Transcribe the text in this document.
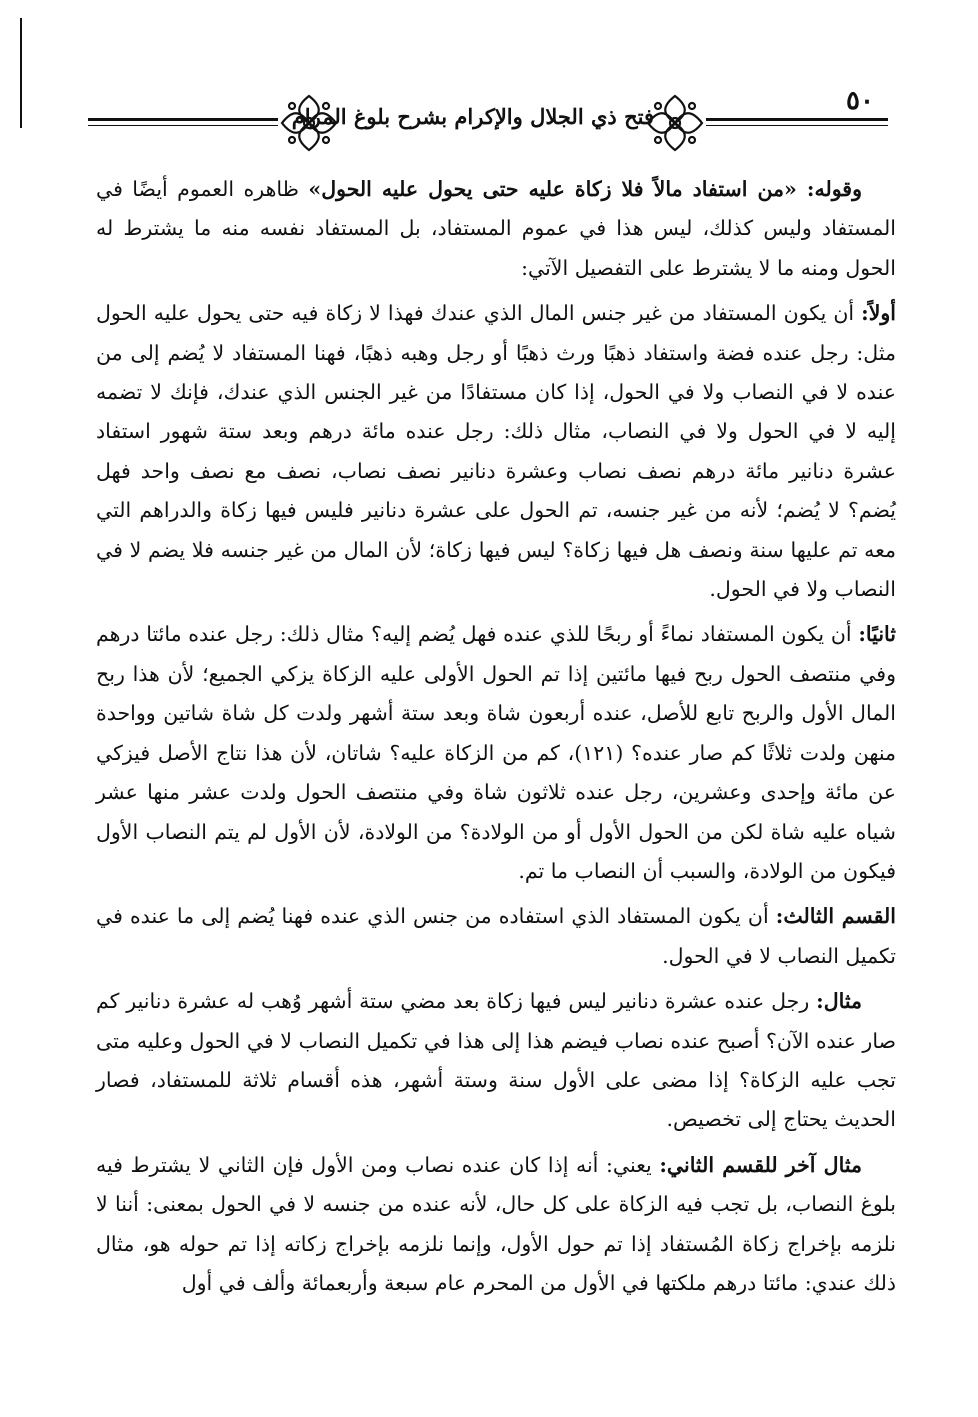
فتح ذي الجلال والإكرام بشرح بلوغ المرام
٥٠

وقوله: «من استفاد مالاً فلا زكاة عليه حتى يحول عليه الحول» ظاهره العموم أيضًا في المستفاد وليس كذلك، ليس هذا في عموم المستفاد، بل المستفاد نفسه منه ما يشترط له الحول ومنه ما لا يشترط على التفصيل الآتي:

أولاً: أن يكون المستفاد من غير جنس المال الذي عندك فهذا لا زكاة فيه حتى يحول عليه الحول مثل: رجل عنده فضة واستفاد ذهبًا ورث ذهبًا أو رجل وهبه ذهبًا، فهنا المستفاد لا يُضم إلى من عنده لا في النصاب ولا في الحول، إذا كان مستفادًا من غير الجنس الذي عندك، فإنك لا تضمه إليه لا في الحول ولا في النصاب، مثال ذلك: رجل عنده مائة درهم وبعد ستة شهور استفاد عشرة دنانير مائة درهم نصف نصاب وعشرة دنانير نصف نصاب، نصف مع نصف واحد فهل يُضم؟ لا يُضم؛ لأنه من غير جنسه، تم الحول على عشرة دنانير فليس فيها زكاة والدراهم التي معه تم عليها سنة ونصف هل فيها زكاة؟ ليس فيها زكاة؛ لأن المال من غير جنسه فلا يضم لا في النصاب ولا في الحول.

ثانيًا: أن يكون المستفاد نماءً أو ربحًا للذي عنده فهل يُضم إليه؟ مثال ذلك: رجل عنده مائتا درهم وفي منتصف الحول ربح فيها مائتين إذا تم الحول الأولى عليه الزكاة يزكي الجميع؛ لأن هذا ربح المال الأول والربح تابع للأصل، عنده أربعون شاة وبعد ستة أشهر ولدت كل شاة شاتين وواحدة منهن ولدت ثلاثًا كم صار عنده؟ (١٢١)، كم من الزكاة عليه؟ شاتان، لأن هذا نتاج الأصل فيزكي عن مائة وإحدى وعشرين، رجل عنده ثلاثون شاة وفي منتصف الحول ولدت عشر منها عشر شياه عليه شاة لكن من الحول الأول أو من الولادة؟ من الولادة، لأن الأول لم يتم النصاب الأول فيكون من الولادة، والسبب أن النصاب ما تم.

القسم الثالث: أن يكون المستفاد الذي استفاده من جنس الذي عنده فهنا يُضم إلى ما عنده في تكميل النصاب لا في الحول.

مثال: رجل عنده عشرة دنانير ليس فيها زكاة بعد مضي ستة أشهر وُهب له عشرة دنانير كم صار عنده الآن؟ أصبح عنده نصاب فيضم هذا إلى هذا في تكميل النصاب لا في الحول وعليه متى تجب عليه الزكاة؟ إذا مضى على الأول سنة وستة أشهر، هذه أقسام ثلاثة للمستفاد، فصار الحديث يحتاج إلى تخصيص.

مثال آخر للقسم الثاني: يعني: أنه إذا كان عنده نصاب ومن الأول فإن الثاني لا يشترط فيه بلوغ النصاب، بل تجب فيه الزكاة على كل حال، لأنه عنده من جنسه لا في الحول بمعنى: أننا لا نلزمه بإخراج زكاة المُستفاد إذا تم حول الأول، وإنما نلزمه بإخراج زكاته إذا تم حوله هو، مثال ذلك عندي: مائتا درهم ملكتها في الأول من المحرم عام سبعة وأربعمائة وألف في أول
